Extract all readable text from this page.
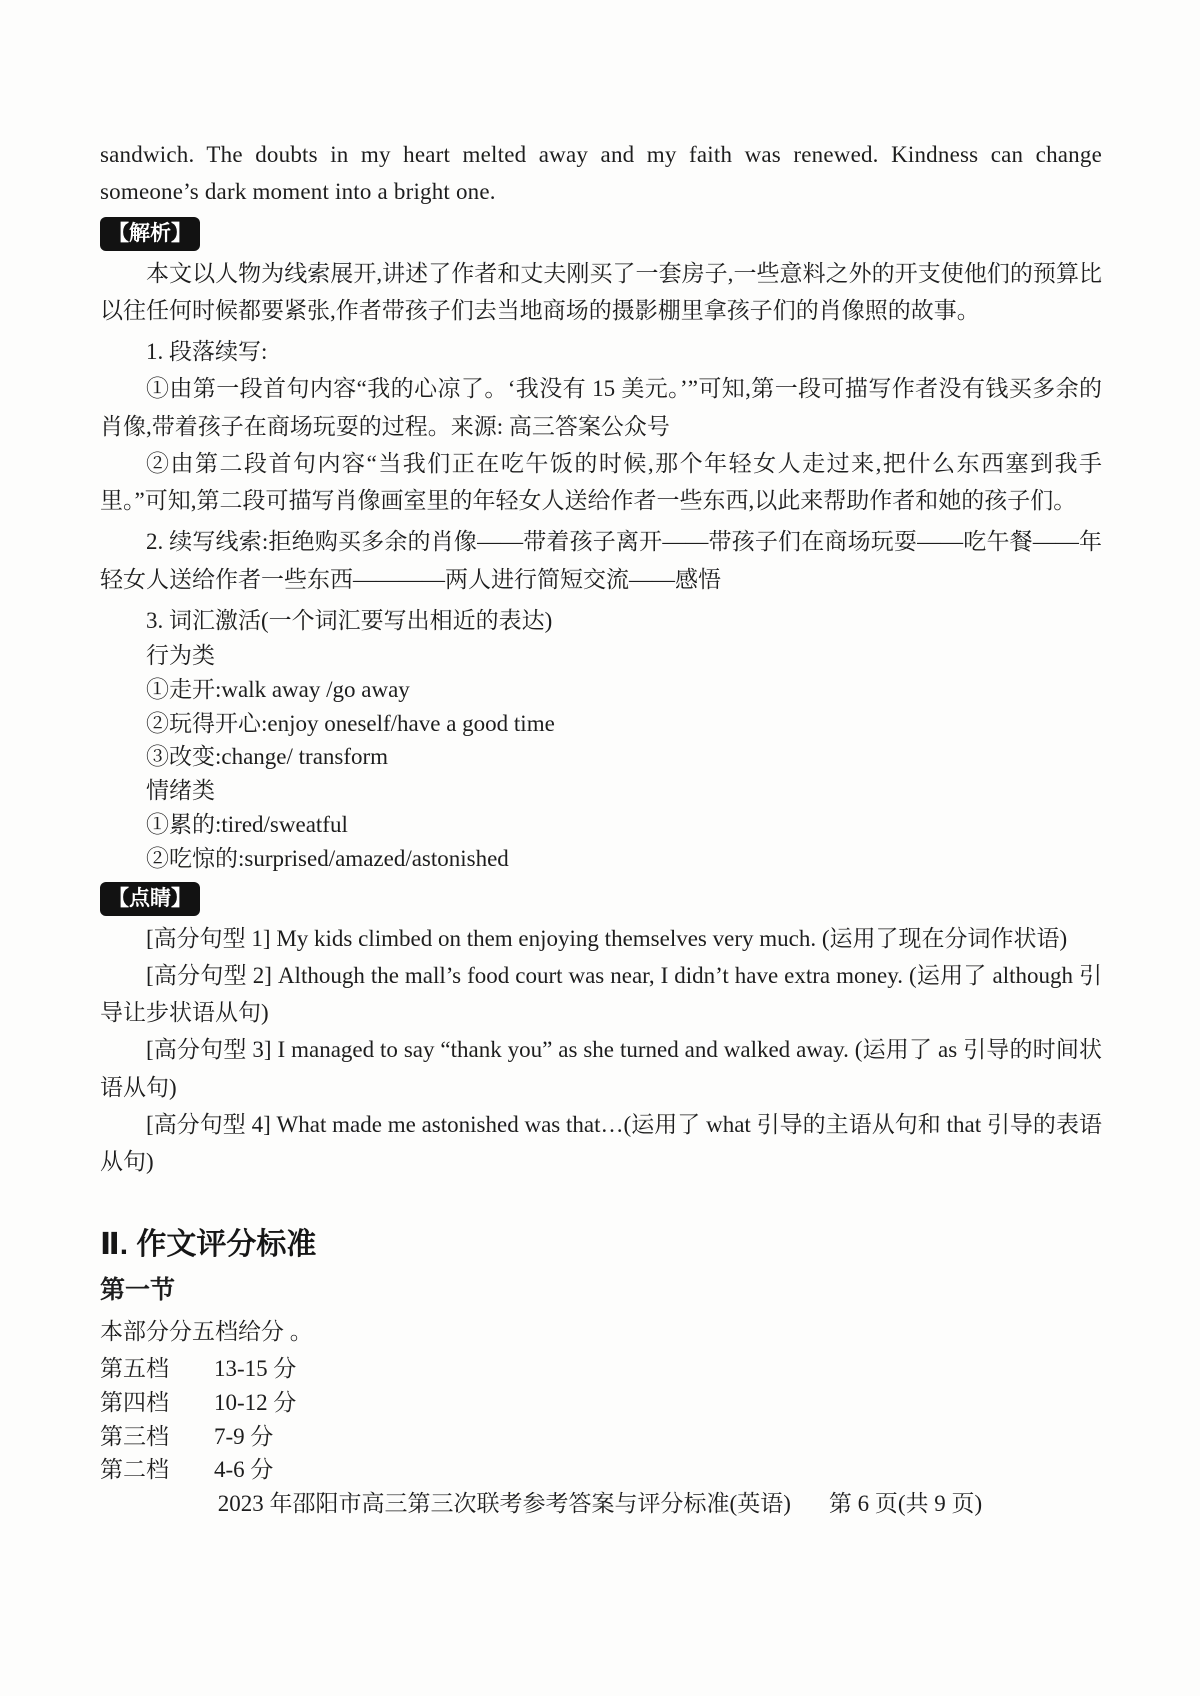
sandwich. The doubts in my heart melted away and my faith was renewed. Kindness can change someone’s dark moment into a bright one.

【解析】

本文以人物为线索展开,讲述了作者和丈夫刚买了一套房子,一些意料之外的开支使他们的预算比以往任何时候都要紧张,作者带孩子们去当地商场的摄影棚里拿孩子们的肖像照的故事。

1. 段落续写:

①由第一段首句内容“我的心凉了。‘我没有 15 美元。’”可知,第一段可描写作者没有钱买多余的肖像,带着孩子在商场玩耍的过程。来源: 高三答案公众号

②由第二段首句内容“当我们正在吃午饭的时候,那个年轻女人走过来,把什么东西塞到我手里。”可知,第二段可描写肖像画室里的年轻女人送给作者一些东西,以此来帮助作者和她的孩子们。

2. 续写线索:拒绝购买多余的肖像——带着孩子离开——带孩子们在商场玩耍——吃午餐——年轻女人送给作者一些东西————两人进行简短交流——感悟

3. 词汇激活(一个词汇要写出相近的表达)

行为类

①走开:walk away /go away

②玩得开心:enjoy oneself/have a good time

③改变:change/ transform

情绪类

①累的:tired/sweatful

②吃惊的:surprised/amazed/astonished

【点睛】

[高分句型 1] My kids climbed on them enjoying themselves very much. (运用了现在分词作状语)

[高分句型 2] Although the mall’s food court was near, I didn’t have extra money. (运用了 although 引导让步状语从句)

[高分句型 3] I managed to say “thank you” as she turned and walked away. (运用了 as 引导的时间状语从句)

[高分句型 4] What made me astonished was that…(运用了 what 引导的主语从句和 that 引导的表语从句)

Ⅱ. 作文评分标准
第一节

本部分分五档给分 。

第五档	13-15 分
第四档	10-12 分
第三档	7-9 分
第二档	4-6 分
2023 年邵阳市高三第三次联考参考答案与评分标准(英语) 第 6 页(共 9 页)
